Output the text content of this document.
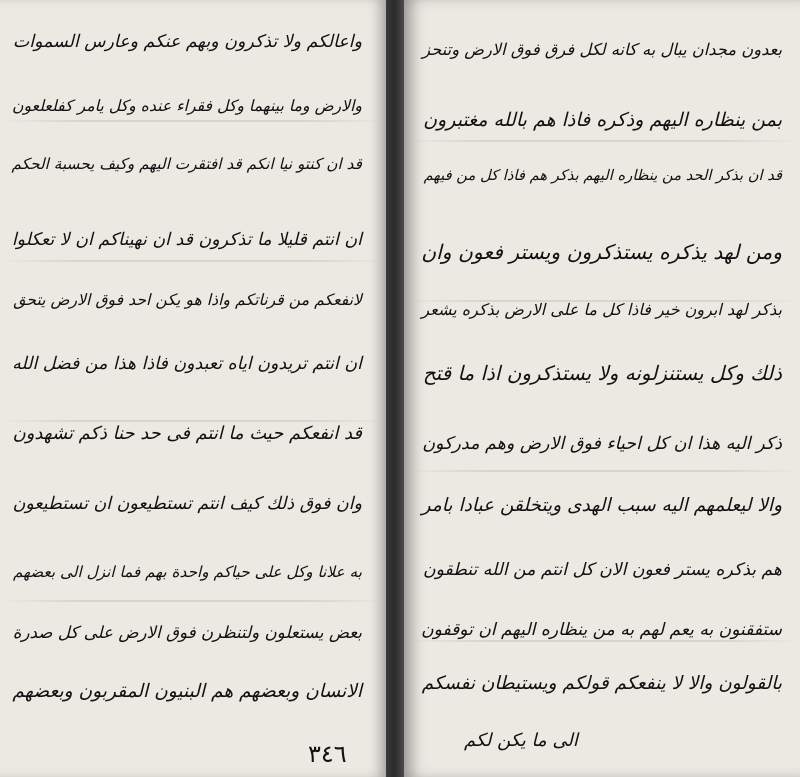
واعالكم ولا تذكرون وبهم عنكم وعارس السموات
والارض وما بينهما وكل فقراء عنده وكل يامر كفلعلعون
قد ان كنتو نيا انكم قد افتقرت اليهم وكيف يحسبة الحكم
ان انتم قليلا ما تذكرون قد ان نهيناكم ان لا تعكلوا
لانفعكم من قرناتكم واذا هو يكن احد فوق الارض يتحق
ان انتم تريدون اياه تعبدون فاذا هذا من فضل الله
قد انفعكم حيث ما انتم فى حد حنا ذكم تشهدون
وان فوق ذلك كيف انتم تستطيعون ان تستطيعون
به علانا وكل على حياكم واحدة بهم فما انزل الى بعضهم
بعض يستعلون ولتنظرن فوق الارض على كل صدرة
الانسان وبعضهم هم البنيون المقربون وبعضهم
٣٤٦
بعدون مجدان يبال به كانه لكل فرق فوق الارض وتنحز
بمن ينظاره اليهم وذكره فاذا هم بالله مغتبرون
قد ان بذكر الحد من ينظاره اليهم بذكر هم فاذا كل من فيهم
ومن لهد يذكره يستذكرون ويستر فعون وان
بذكر لهد ابرون خير فاذا كل ما على الارض بذكره يشعر
ذلك وكل يستنزلونه ولا يستذكرون اذا ما قتح
ذكر اليه هذا ان كل احياء فوق الارض وهم مدركون
والا ليعلمهم اليه سبب الهدى ويتخلقن عبادا بامر
هم بذكره يستر فعون الان كل انتم من الله تنطقون
ستفقنون به يعم لهم به من ينظاره اليهم ان توقفون
بالقولون والا لا ينفعكم قولكم ويستيطان نفسكم
الى ما يكن لكم
